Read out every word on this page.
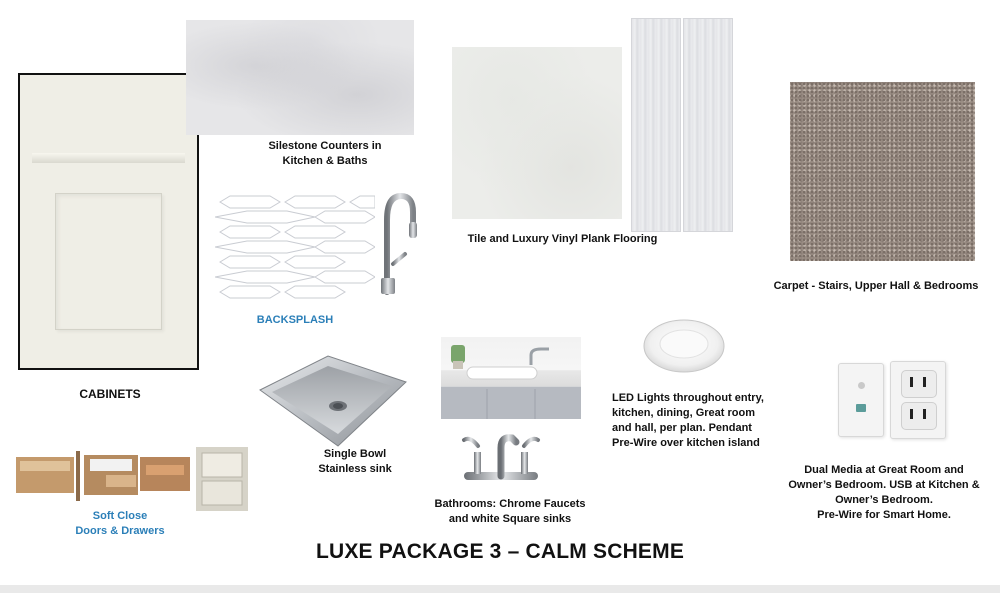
CABINETS
Silestone Counters in
Kitchen & Baths
BACKSPLASH
Tile and Luxury Vinyl Plank Flooring
Carpet - Stairs, Upper Hall & Bedrooms
Single Bowl
Stainless sink
Soft Close
Doors & Drawers
Bathrooms: Chrome Faucets
and white Square sinks
LED Lights throughout entry,
kitchen, dining, Great room
and hall, per plan. Pendant
Pre-Wire over kitchen island
Dual Media at Great Room and
Owner’s Bedroom. USB at Kitchen &
Owner’s Bedroom.
Pre-Wire for Smart Home.
LUXE PACKAGE 3 – CALM SCHEME
